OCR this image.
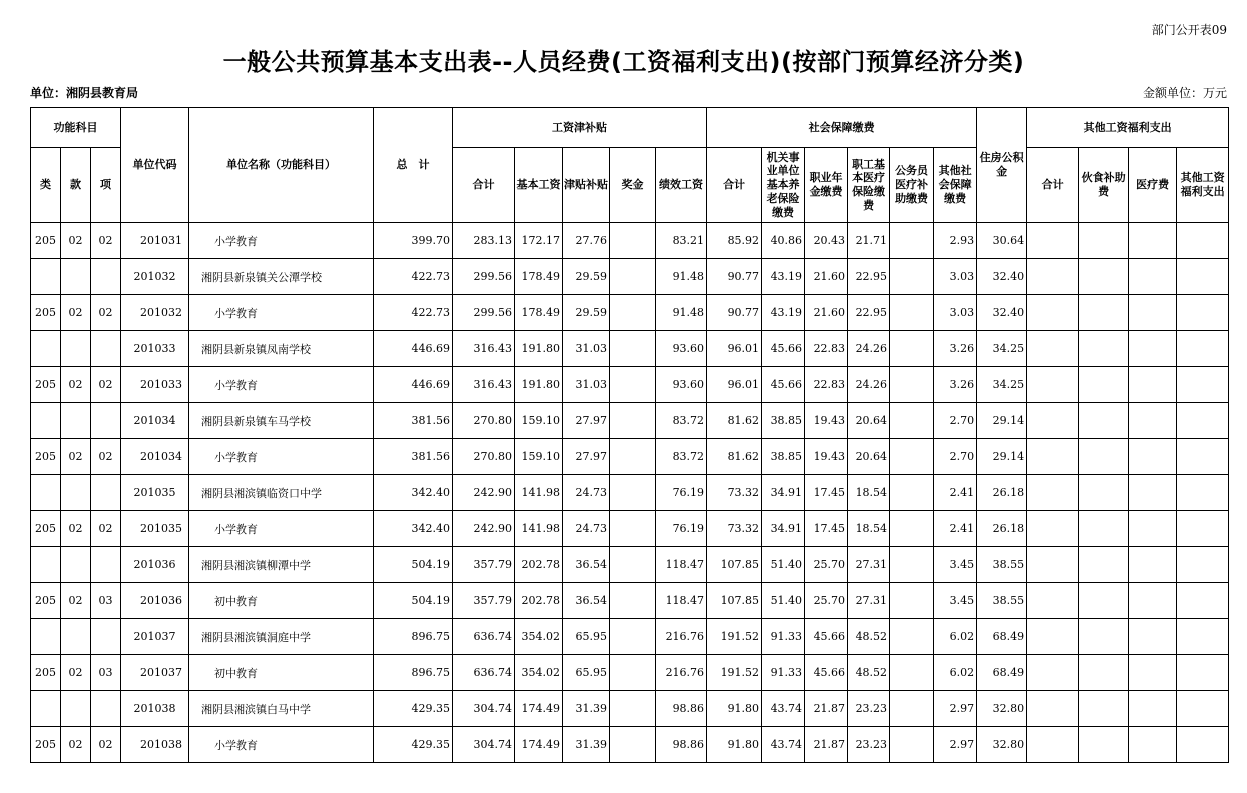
部门公开表09
一般公共预算基本支出表--人员经费(工资福利支出)(按部门预算经济分类)
单位：湘阴县教育局	金额单位：万元
功能科目			单位代码	单位名称（功能科目）	总　计	工资津补贴					社会保障缴费						住房公积金	其他工资福利支出			
类	款	项				合计	基本工资	津贴补贴	奖金	绩效工资	合计	机关事业单位基本养老保险缴费	职业年金缴费	职工基本医疗保险缴费	公务员医疗补助缴费	其他社会保障缴费		合计	伙食补助费	医疗费	其他工资福利支出
205	02	02	201031	小学教育	399.70	283.13	172.17	27.76		83.21	85.92	40.86	20.43	21.71		2.93	30.64				
			201032	湘阴县新泉镇关公潭学校	422.73	299.56	178.49	29.59		91.48	90.77	43.19	21.60	22.95		3.03	32.40				
205	02	02	201032	小学教育	422.73	299.56	178.49	29.59		91.48	90.77	43.19	21.60	22.95		3.03	32.40				
			201033	湘阴县新泉镇凤南学校	446.69	316.43	191.80	31.03		93.60	96.01	45.66	22.83	24.26		3.26	34.25				
205	02	02	201033	小学教育	446.69	316.43	191.80	31.03		93.60	96.01	45.66	22.83	24.26		3.26	34.25				
			201034	湘阴县新泉镇车马学校	381.56	270.80	159.10	27.97		83.72	81.62	38.85	19.43	20.64		2.70	29.14				
205	02	02	201034	小学教育	381.56	270.80	159.10	27.97		83.72	81.62	38.85	19.43	20.64		2.70	29.14				
			201035	湘阴县湘滨镇临资口中学	342.40	242.90	141.98	24.73		76.19	73.32	34.91	17.45	18.54		2.41	26.18				
205	02	02	201035	小学教育	342.40	242.90	141.98	24.73		76.19	73.32	34.91	17.45	18.54		2.41	26.18				
			201036	湘阴县湘滨镇柳潭中学	504.19	357.79	202.78	36.54		118.47	107.85	51.40	25.70	27.31		3.45	38.55				
205	02	03	201036	初中教育	504.19	357.79	202.78	36.54		118.47	107.85	51.40	25.70	27.31		3.45	38.55				
			201037	湘阴县湘滨镇洞庭中学	896.75	636.74	354.02	65.95		216.76	191.52	91.33	45.66	48.52		6.02	68.49				
205	02	03	201037	初中教育	896.75	636.74	354.02	65.95		216.76	191.52	91.33	45.66	48.52		6.02	68.49				
			201038	湘阴县湘滨镇白马中学	429.35	304.74	174.49	31.39		98.86	91.80	43.74	21.87	23.23		2.97	32.80				
205	02	02	201038	小学教育	429.35	304.74	174.49	31.39		98.86	91.80	43.74	21.87	23.23		2.97	32.80				
